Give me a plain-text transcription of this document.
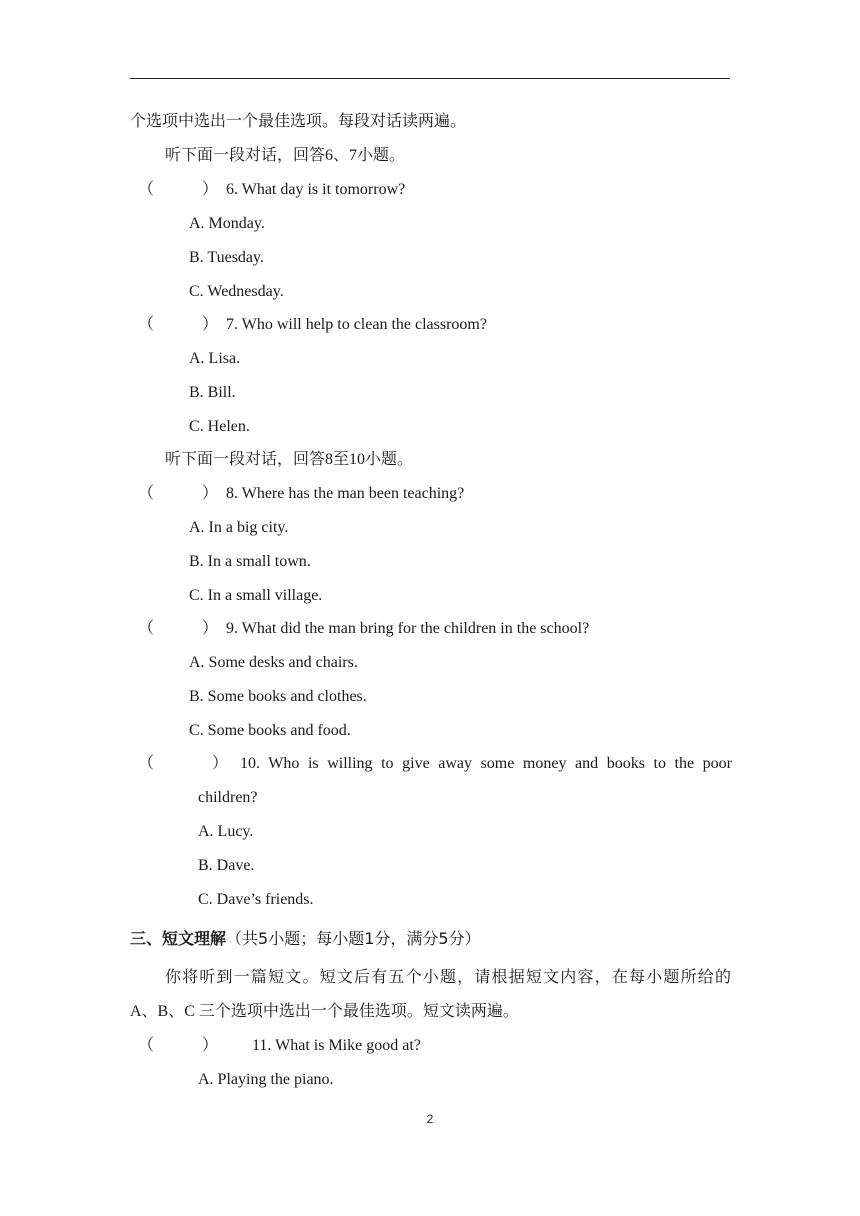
个选项中选出一个最佳选项。每段对话读两遍。
听下面一段对话，回答6、7小题。
（	） 6. What day is it tomorrow?
A. Monday.
B. Tuesday.
C. Wednesday.
（	） 7. Who will help to clean the classroom?
A. Lisa.
B. Bill.
C. Helen.
听下面一段对话，回答8至10小题。
（	） 8. Where has the man been teaching?
A. In a big city.
B. In a small town.
C. In a small village.
（	） 9. What did the man bring for the children in the school?
A. Some desks and chairs.
B. Some books and clothes.
C. Some books and food.
（	） 10. Who is willing to give away some money and books to the poor
children?
A. Lucy.
B. Dave.
C. Dave’s friends.
三、短文理解（共5小题；每小题1分，满分5分）
你将听到一篇短文。短文后有五个小题，请根据短文内容，在每小题所给的
A、B、C 三个选项中选出一个最佳选项。短文读两遍。
（	） 11. What is Mike good at?
A. Playing the piano.
2
